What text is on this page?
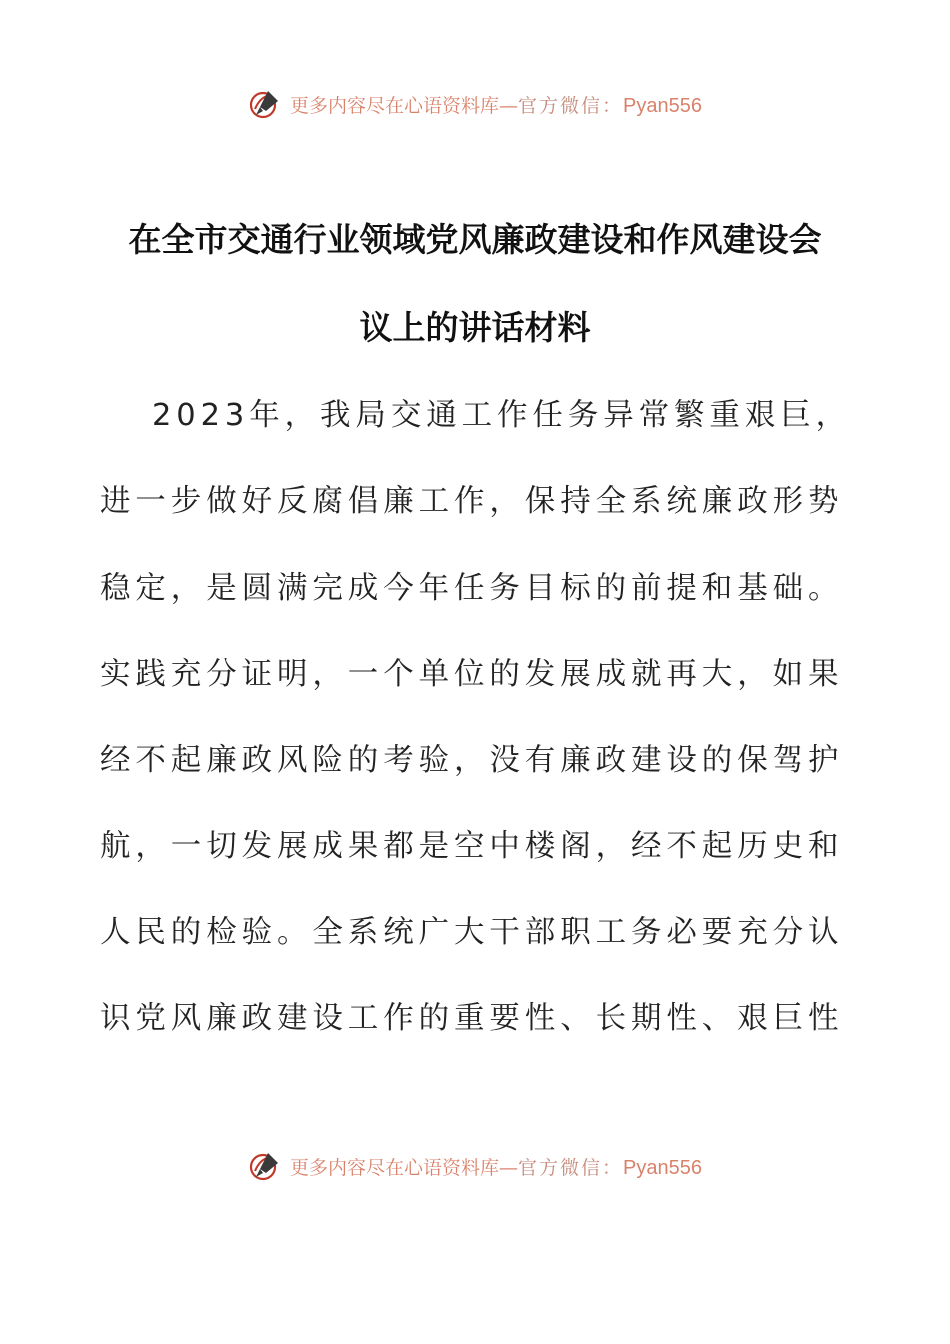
更多内容尽在心语资料库 — 官方微信： Pyan556
在全市交通行业领域党风廉政建设和作风建设会
议上的讲话材料
2023年，我局交通工作任务异常繁重艰巨，
进一步做好反腐倡廉工作，保持全系统廉政形势
稳定，是圆满完成今年任务目标的前提和基础。
实践充分证明，一个单位的发展成就再大，如果
经不起廉政风险的考验，没有廉政建设的保驾护
航，一切发展成果都是空中楼阁，经不起历史和
人民的检验。全系统广大干部职工务必要充分认
识党风廉政建设工作的重要性、长期性、艰巨性
更多内容尽在心语资料库 — 官方微信： Pyan556
